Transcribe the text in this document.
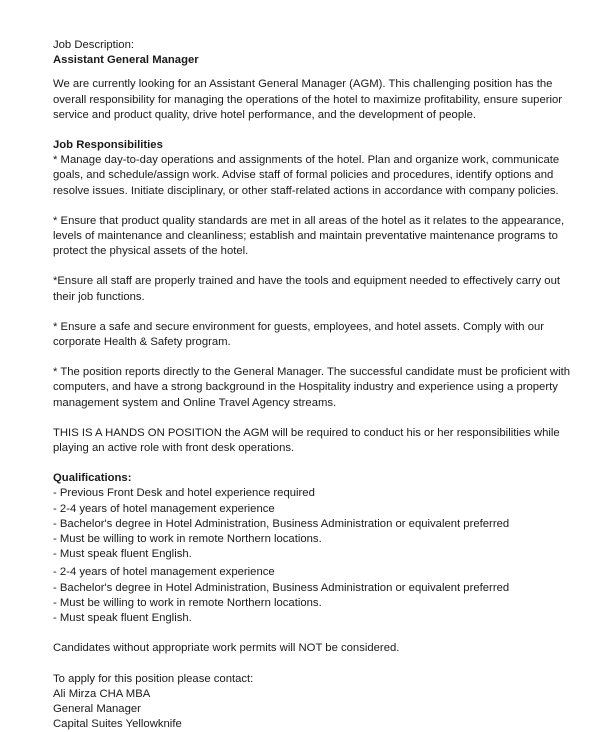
Job Description:
Assistant General Manager
We are currently looking for an Assistant General Manager (AGM). This challenging position has the
overall responsibility for managing the operations of the hotel to maximize profitability, ensure superior
service and product quality, drive hotel performance, and the development of people.
Job Responsibilities
* Manage day-to-day operations and assignments of the hotel. Plan and organize work, communicate
goals, and schedule/assign work. Advise staff of formal policies and procedures, identify options and
resolve issues. Initiate disciplinary, or other staff-related actions in accordance with company policies.
* Ensure that product quality standards are met in all areas of the hotel as it relates to the appearance,
levels of maintenance and cleanliness; establish and maintain preventative maintenance programs to
protect the physical assets of the hotel.
*Ensure all staff are properly trained and have the tools and equipment needed to effectively carry out
their job functions.
* Ensure a safe and secure environment for guests, employees, and hotel assets. Comply with our
corporate Health & Safety program.
* The position reports directly to the General Manager. The successful candidate must be proficient with
computers, and have a strong background in the Hospitality industry and experience using a property
management system and Online Travel Agency streams.
THIS IS A HANDS ON POSITION the AGM will be required to conduct his or her responsibilities while
playing an active role with front desk operations.
Qualifications:
- Previous Front Desk and hotel experience required
- 2-4 years of hotel management experience
- Bachelor's degree in Hotel Administration, Business Administration or equivalent preferred
- Must be willing to work in remote Northern locations.
- Must speak fluent English.
- 2-4 years of hotel management experience
- Bachelor's degree in Hotel Administration, Business Administration or equivalent preferred
- Must be willing to work in remote Northern locations.
- Must speak fluent English.
Candidates without appropriate work permits will NOT be considered.
To apply for this position please contact:
Ali Mirza CHA MBA
General Manager
Capital Suites Yellowknife
